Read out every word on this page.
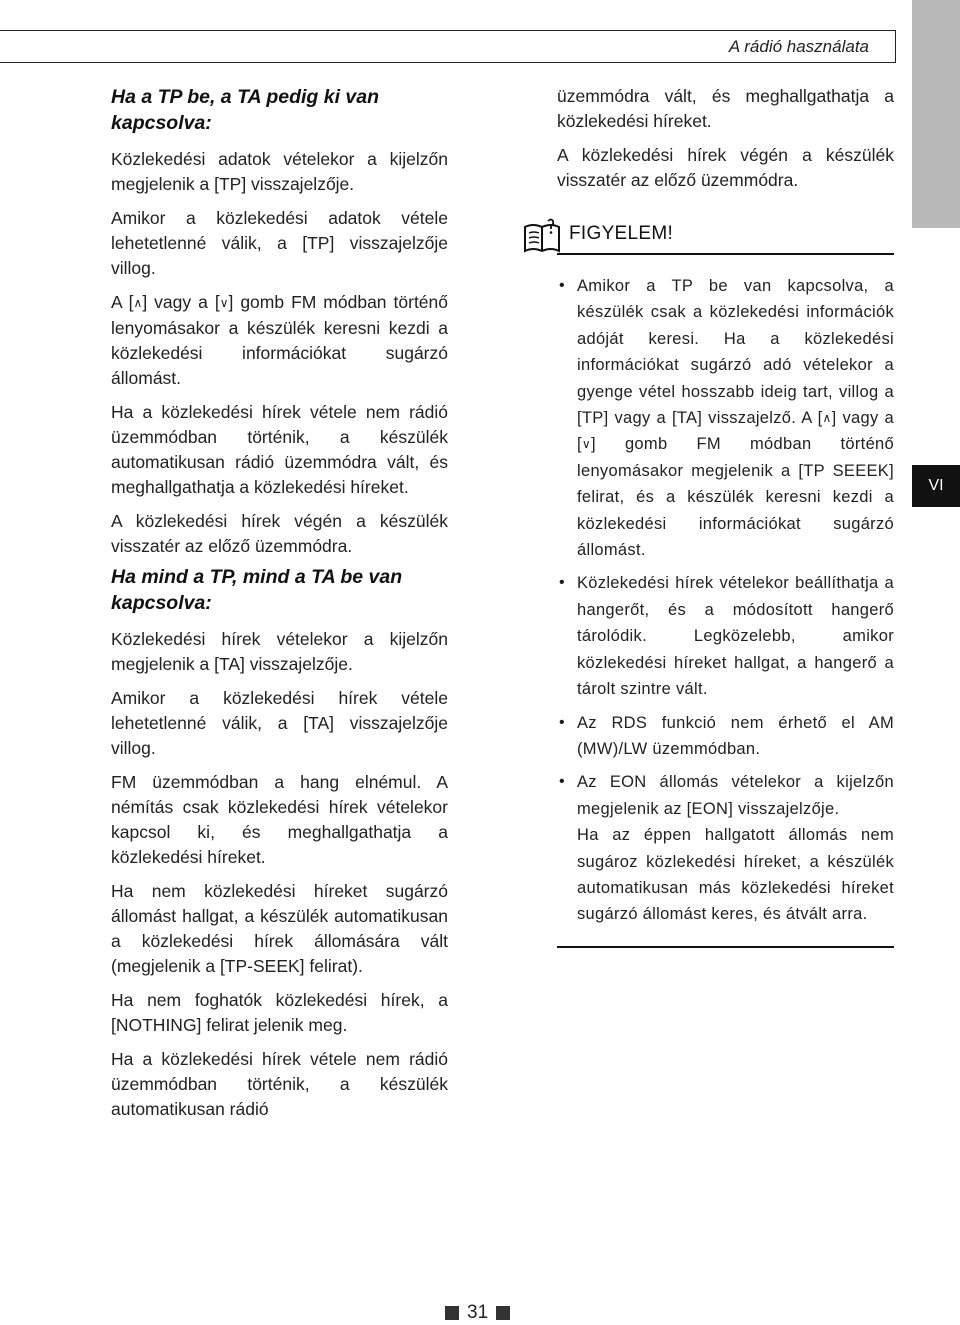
A rádió használata
VI
Ha a TP be, a TA pedig ki van kapcsolva:

Közlekedési adatok vételekor a kijelzőn megjelenik a [TP] visszajelzője.

Amikor a közlekedési adatok vétele lehetetlenné válik, a [TP] visszajelzője villog.

A [∧] vagy a [∨] gomb FM módban történő lenyomásakor a készülék keresni kezdi a közlekedési információkat sugárzó állomást.

Ha a közlekedési hírek vétele nem rádió üzemmódban történik, a készülék automatikusan rádió üzemmódra vált, és meghallgathatja a közlekedési híreket.

A közlekedési hírek végén a készülék visszatér az előző üzemmódra.

Ha mind a TP, mind a TA be van kapcsolva:

Közlekedési hírek vételekor a kijelzőn megjelenik a [TA] visszajelzője.

Amikor a közlekedési hírek vétele lehetetlenné válik, a [TA] visszajelzője villog.

FM üzemmódban a hang elnémul. A némítás csak közlekedési hírek vételekor kapcsol ki, és meghallgathatja a közlekedési híreket.

Ha nem közlekedési híreket sugárzó állomást hallgat, a készülék automatikusan a közlekedési hírek állomására vált (megjelenik a [TP-SEEK] felirat).

Ha nem foghatók közlekedési hírek, a [NOTHING] felirat jelenik meg.

Ha a közlekedési hírek vétele nem rádió üzemmódban történik, a készülék automatikusan rádió

üzemmódra vált, és meghallgathatja a közlekedési híreket.

A közlekedési hírek végén a készülék visszatér az előző üzemmódra.

FIGYELEM!
• Amikor a TP be van kapcsolva, a készülék csak a közlekedési információk adóját keresi. Ha a közlekedési információkat sugárzó adó vételekor a gyenge vétel hosszabb ideig tart, villog a [TP] vagy a [TA] visszajelző. A [∧] vagy a [∨] gomb FM módban történő lenyomásakor megjelenik a [TP SEEEK] felirat, és a készülék keresni kezdi a közlekedési információkat sugárzó állomást.

• Közlekedési hírek vételekor beállíthatja a hangerőt, és a módosított hangerő tárolódik. Legközelebb, amikor közlekedési híreket hallgat, a hangerő a tárolt szintre vált.

• Az RDS funkció nem érhető el AM (MW)/LW üzemmódban.

• Az EON állomás vételekor a kijelzőn megjelenik az [EON] visszajelzője.

Ha az éppen hallgatott állomás nem sugároz közlekedési híreket, a készülék automatikusan más közlekedési híreket sugárzó állomást keres, és átvált arra.

31
